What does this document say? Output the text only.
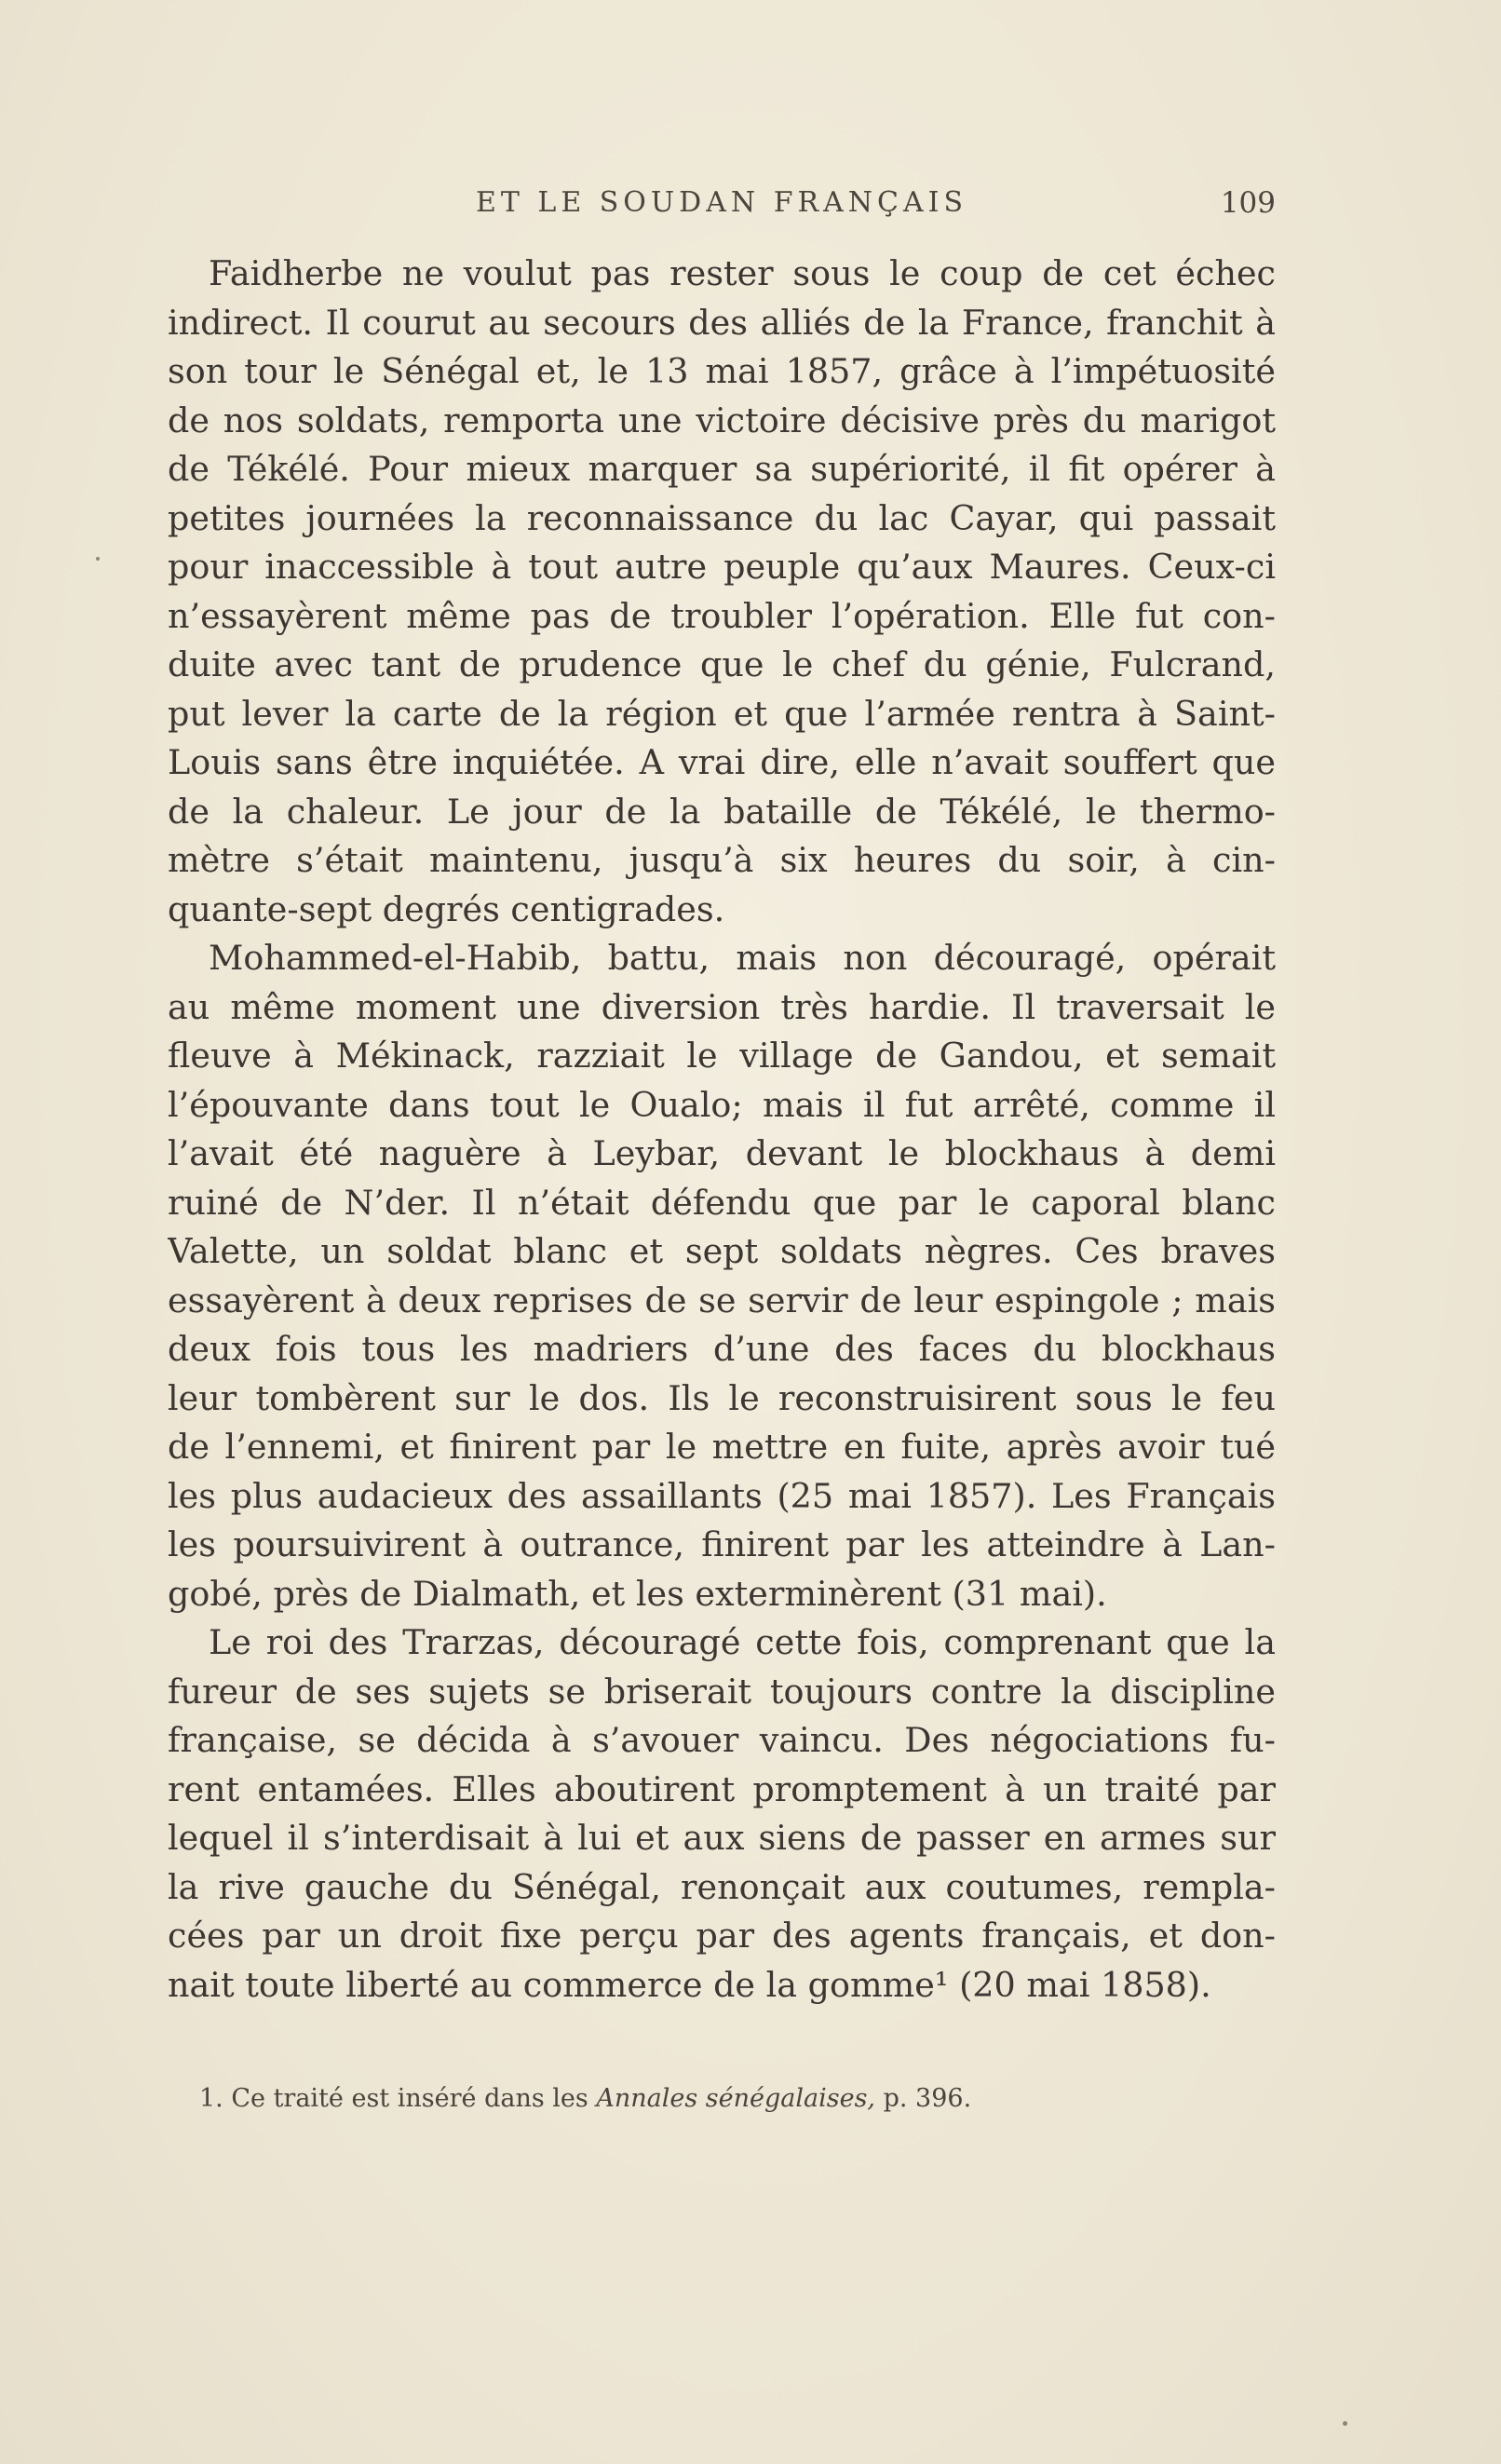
ET LE SOUDAN FRANÇAIS	109
Faidherbe ne voulut pas rester sous le coup de cet échec
indirect. Il courut au secours des alliés de la France, franchit à
son tour le Sénégal et, le 13 mai 1857, grâce à l’impétuosité
de nos soldats, remporta une victoire décisive près du marigot
de Tékélé. Pour mieux marquer sa supériorité, il fit opérer à
petites journées la reconnaissance du lac Cayar, qui passait
pour inaccessible à tout autre peuple qu’aux Maures. Ceux-ci
n’essayèrent même pas de troubler l’opération. Elle fut con-
duite avec tant de prudence que le chef du génie, Fulcrand,
put lever la carte de la région et que l’armée rentra à Saint-
Louis sans être inquiétée. A vrai dire, elle n’avait souffert que
de la chaleur. Le jour de la bataille de Tékélé, le thermo-
mètre s’était maintenu, jusqu’à six heures du soir, à cin-
quante-sept degrés centigrades.
Mohammed-el-Habib, battu, mais non découragé, opérait
au même moment une diversion très hardie. Il traversait le
fleuve à Mékinack, razziait le village de Gandou, et semait
l’épouvante dans tout le Oualo; mais il fut arrêté, comme il
l’avait été naguère à Leybar, devant le blockhaus à demi
ruiné de N’der. Il n’était défendu que par le caporal blanc
Valette, un soldat blanc et sept soldats nègres. Ces braves
essayèrent à deux reprises de se servir de leur espingole ; mais
deux fois tous les madriers d’une des faces du blockhaus
leur tombèrent sur le dos. Ils le reconstruisirent sous le feu
de l’ennemi, et finirent par le mettre en fuite, après avoir tué
les plus audacieux des assaillants (25 mai 1857). Les Français
les poursuivirent à outrance, finirent par les atteindre à Lan-
gobé, près de Dialmath, et les exterminèrent (31 mai).
Le roi des Trarzas, découragé cette fois, comprenant que la
fureur de ses sujets se briserait toujours contre la discipline
française, se décida à s’avouer vaincu. Des négociations fu-
rent entamées. Elles aboutirent promptement à un traité par
lequel il s’interdisait à lui et aux siens de passer en armes sur
la rive gauche du Sénégal, renonçait aux coutumes, rempla-
cées par un droit fixe perçu par des agents français, et don-
nait toute liberté au commerce de la gomme¹ (20 mai 1858).
1. Ce traité est inséré dans les Annales sénégalaises, p. 396.
